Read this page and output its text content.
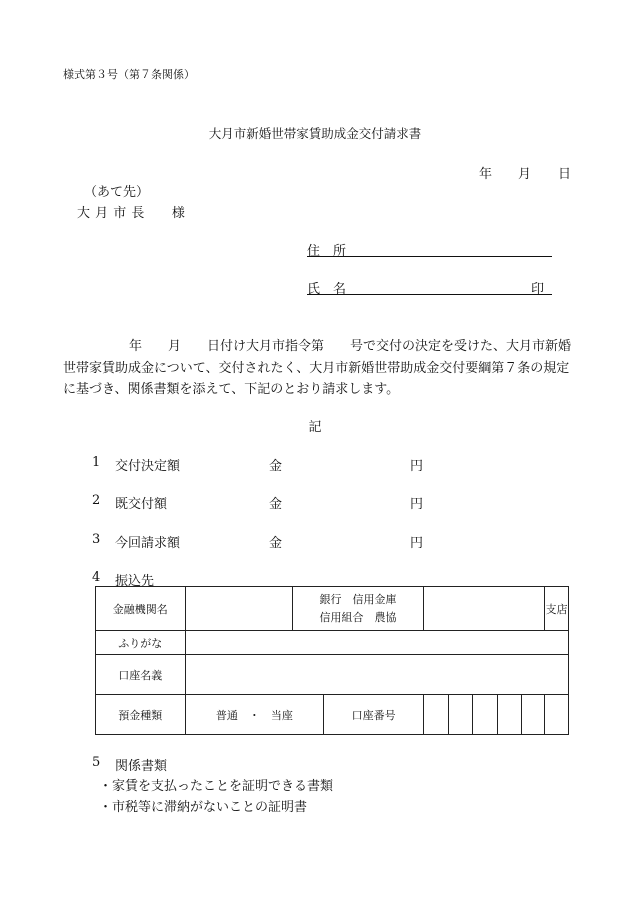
様式第３号（第７条関係）
大月市新婚世帯家賃助成金交付請求書
年 月 日
（あて先）
大 月 市 長　　様
住　所
氏　名	印
年　　月　　日付け大月市指令第　　号で交付の決定を受けた、大月市新婚
世帯家賃助成金について、交付されたく、大月市新婚世帯助成金交付要綱第７条の規定
に基づき、関係書類を添えて、下記のとおり請求します。
記
1 交付決定額	金	円
2 既交付額	金	円
3 今回請求額	金	円
4 振込先
金融機関名		銀行　信用金庫
信用組合　農協							支店
ふりがな									
口座名義									
預金種類	普通　・　当座		口座番号						
5 関係書類
・家賃を支払ったことを証明できる書類
・市税等に滞納がないことの証明書
